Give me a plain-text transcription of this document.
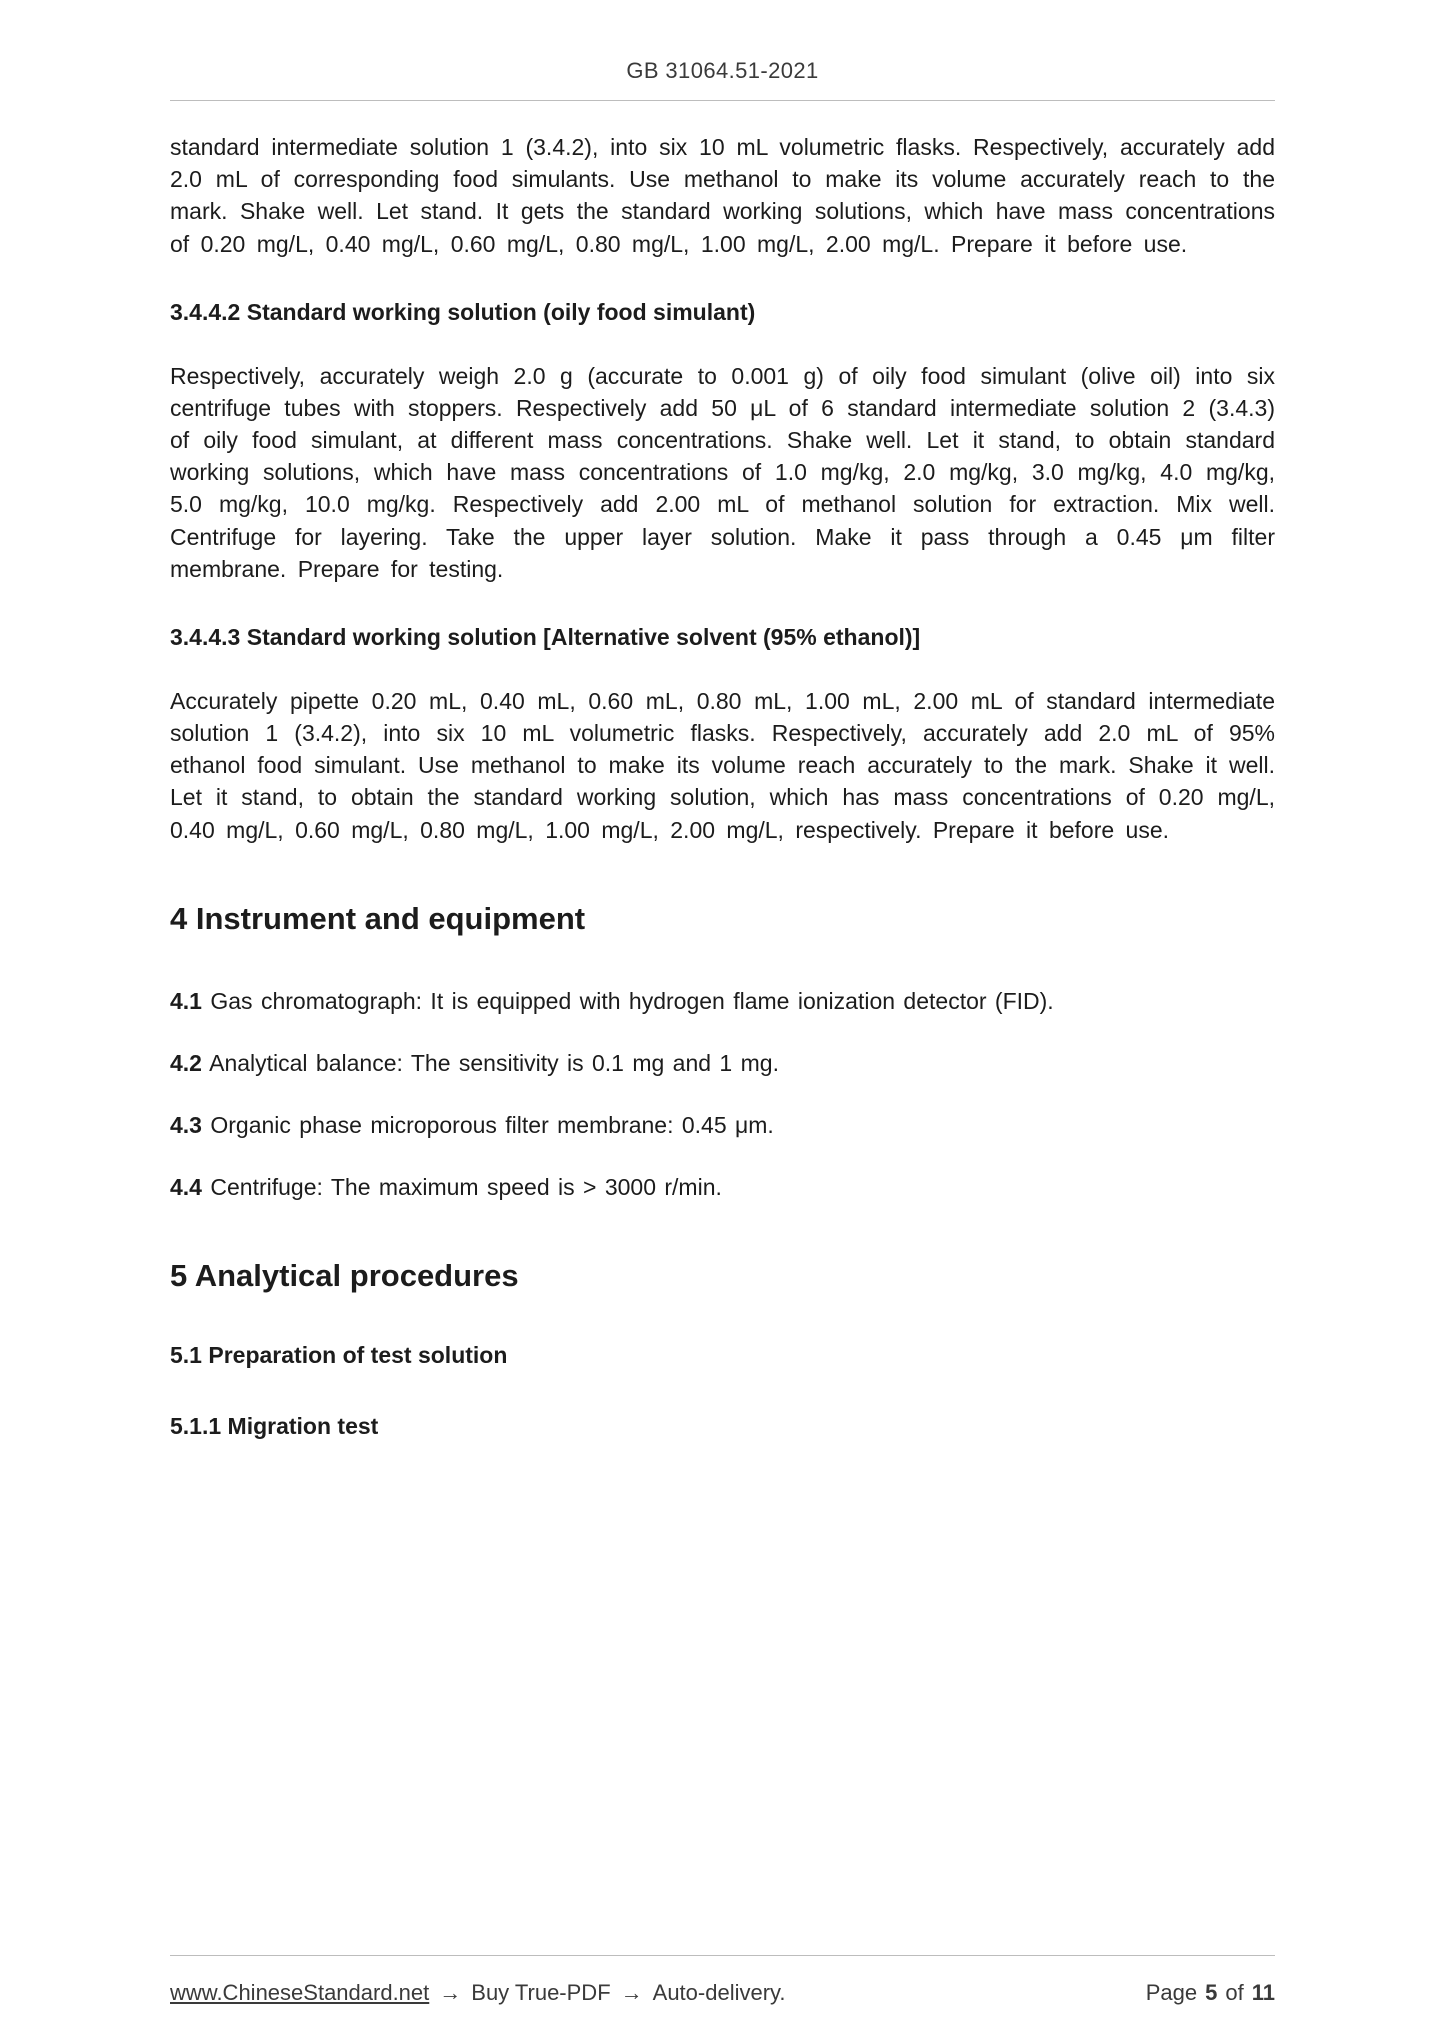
GB 31064.51-2021

standard intermediate solution 1 (3.4.2), into six 10 mL volumetric flasks. Respectively, accurately add 2.0 mL of corresponding food simulants. Use methanol to make its volume accurately reach to the mark. Shake well. Let stand. It gets the standard working solutions, which have mass concentrations of 0.20 mg/L, 0.40 mg/L, 0.60 mg/L, 0.80 mg/L, 1.00 mg/L, 2.00 mg/L. Prepare it before use.

3.4.4.2 Standard working solution (oily food simulant)

Respectively, accurately weigh 2.0 g (accurate to 0.001 g) of oily food simulant (olive oil) into six centrifuge tubes with stoppers. Respectively add 50 μL of 6 standard intermediate solution 2 (3.4.3) of oily food simulant, at different mass concentrations. Shake well. Let it stand, to obtain standard working solutions, which have mass concentrations of 1.0 mg/kg, 2.0 mg/kg, 3.0 mg/kg, 4.0 mg/kg, 5.0 mg/kg, 10.0 mg/kg. Respectively add 2.00 mL of methanol solution for extraction. Mix well. Centrifuge for layering. Take the upper layer solution. Make it pass through a 0.45 μm filter membrane. Prepare for testing.

3.4.4.3 Standard working solution [Alternative solvent (95% ethanol)]

Accurately pipette 0.20 mL, 0.40 mL, 0.60 mL, 0.80 mL, 1.00 mL, 2.00 mL of standard intermediate solution 1 (3.4.2), into six 10 mL volumetric flasks. Respectively, accurately add 2.0 mL of 95% ethanol food simulant. Use methanol to make its volume reach accurately to the mark. Shake it well. Let it stand, to obtain the standard working solution, which has mass concentrations of 0.20 mg/L, 0.40 mg/L, 0.60 mg/L, 0.80 mg/L, 1.00 mg/L, 2.00 mg/L, respectively. Prepare it before use.

4 Instrument and equipment

4.1 Gas chromatograph: It is equipped with hydrogen flame ionization detector (FID).

4.2 Analytical balance: The sensitivity is 0.1 mg and 1 mg.

4.3 Organic phase microporous filter membrane: 0.45 μm.

4.4 Centrifuge: The maximum speed is > 3000 r/min.

5 Analytical procedures
5.1 Preparation of test solution
5.1.1 Migration test
www.ChineseStandard.net → Buy True-PDF → Auto-delivery.	Page 5 of 11
